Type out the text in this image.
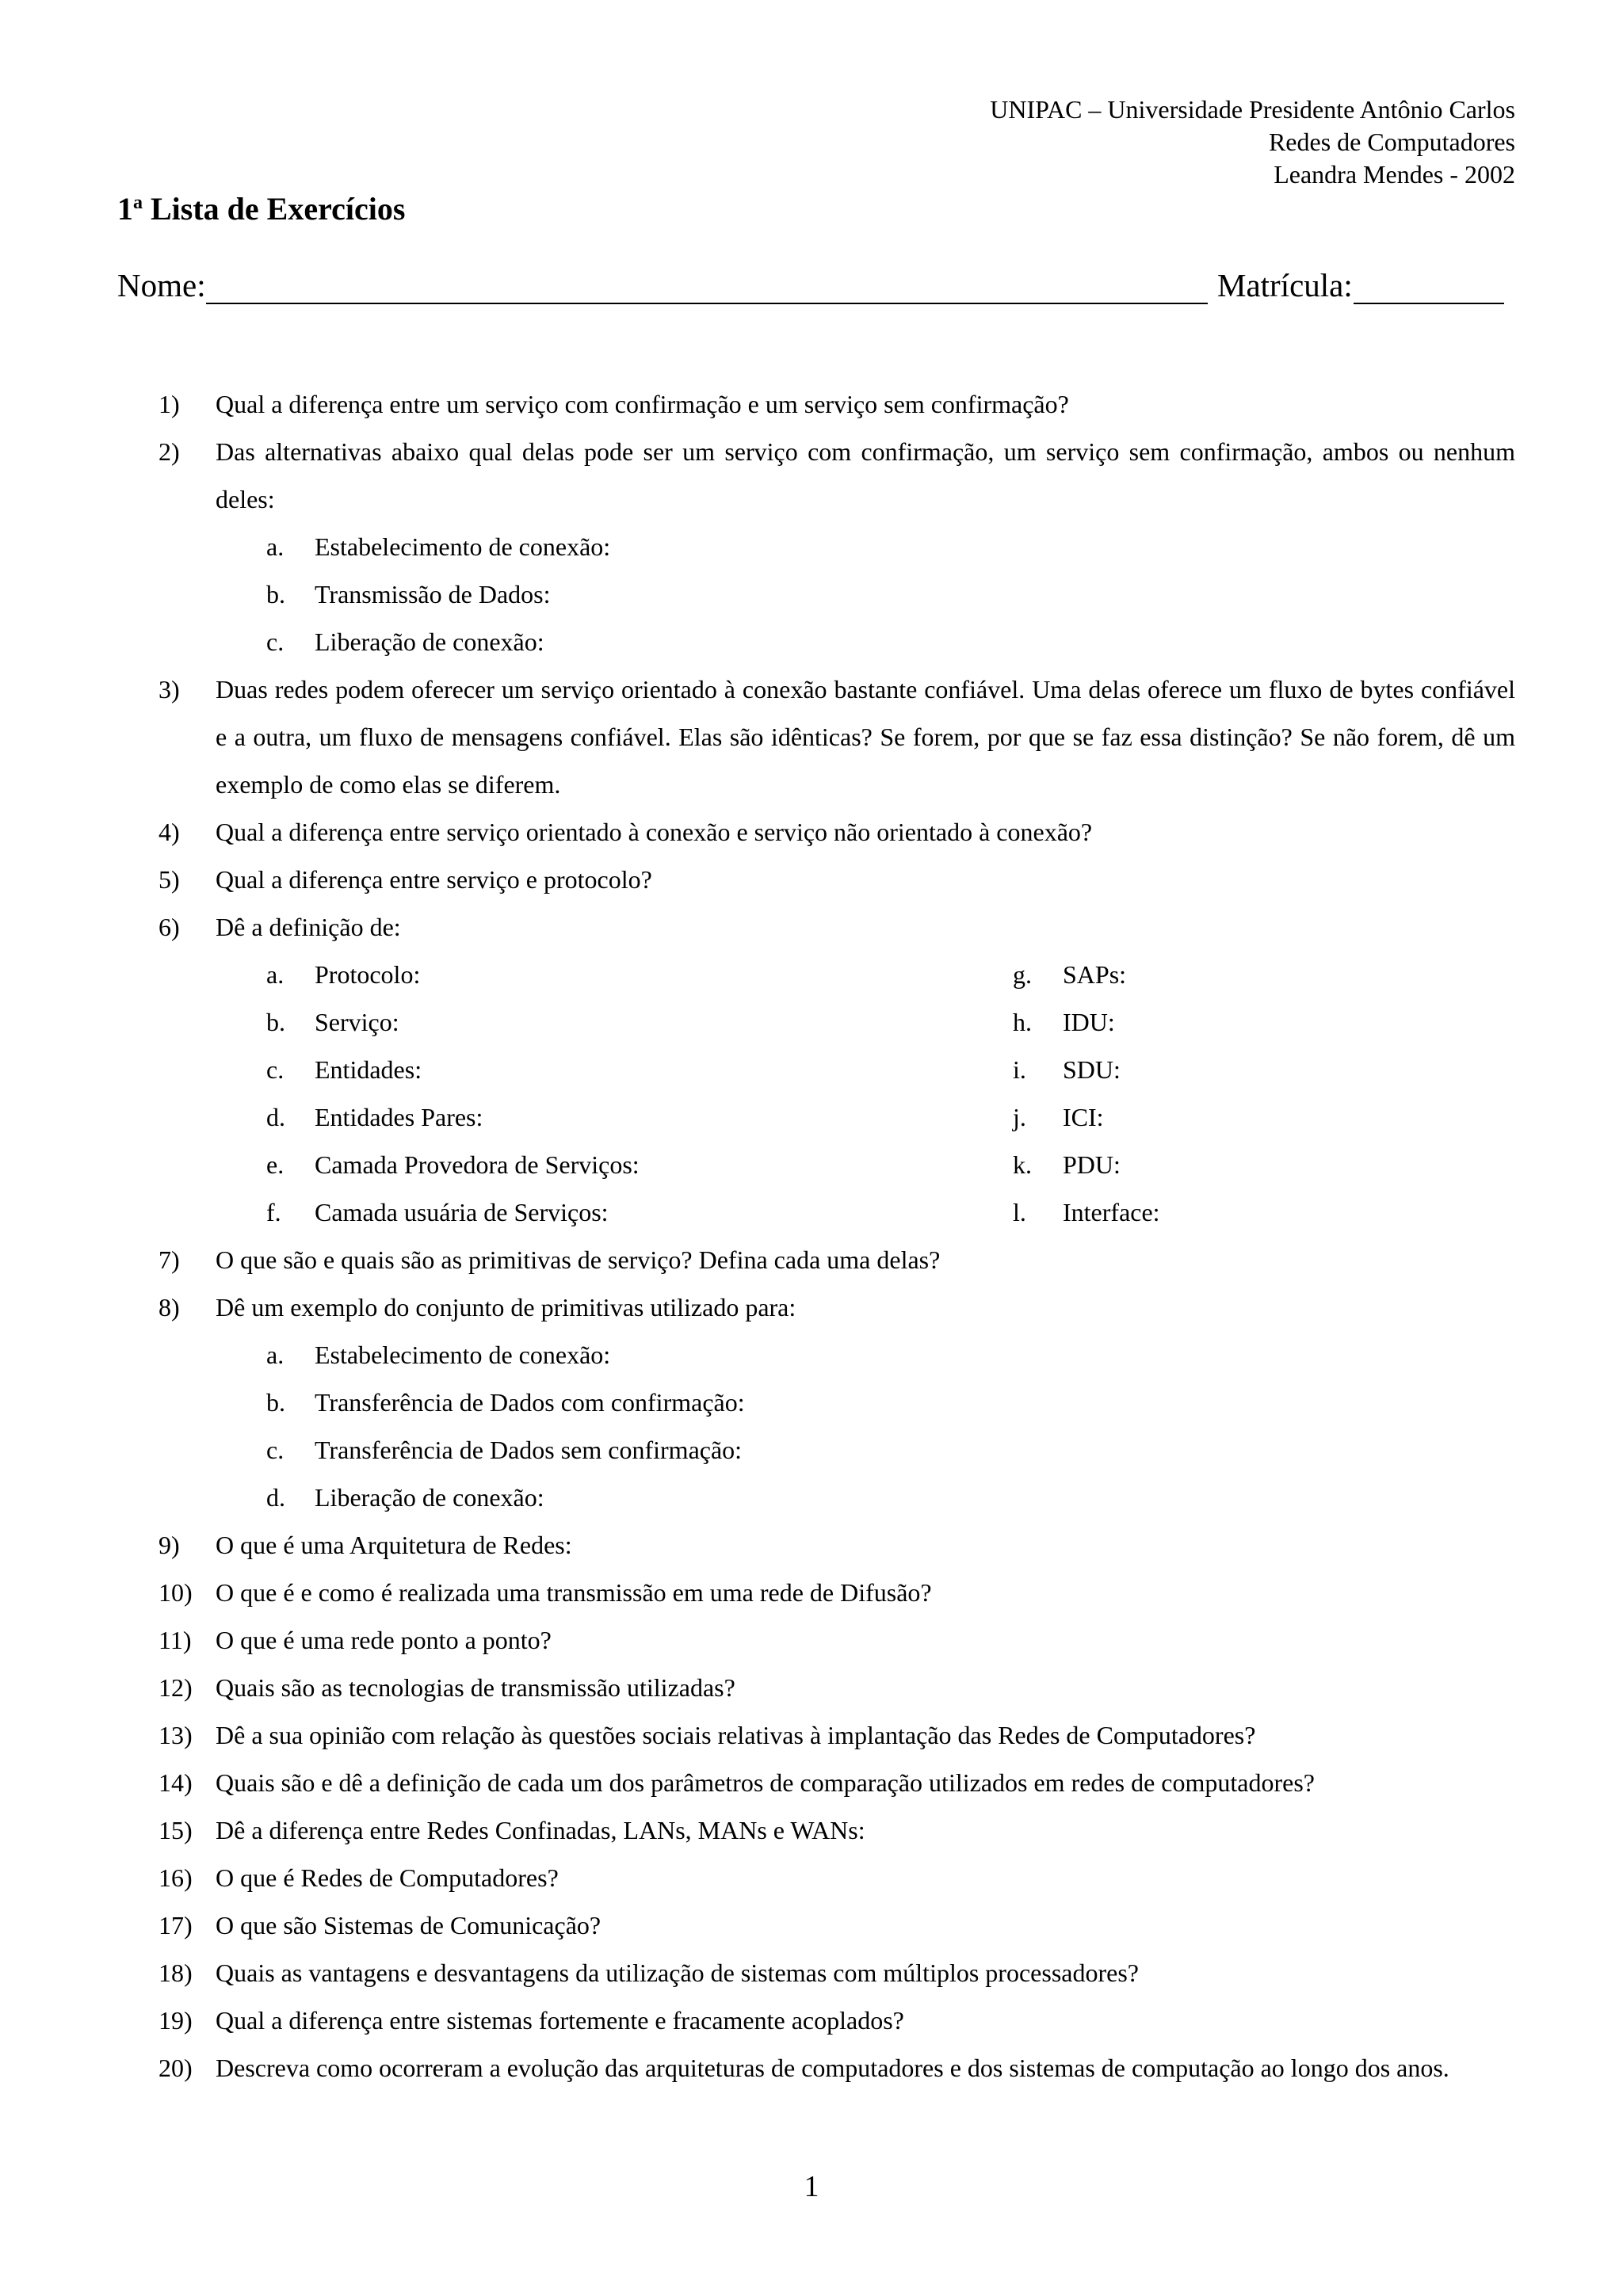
UNIPAC – Universidade Presidente Antônio Carlos
Redes de Computadores
Leandra Mendes - 2002
1$^a$ Lista de Exercícios
Nome:	Matrícula:
1)	Qual a diferença entre um serviço com confirmação e um serviço sem confirmação?
2)	Das alternativas abaixo qual delas pode ser um serviço com confirmação, um serviço sem confirmação, ambos ou nenhum deles:
a. Estabelecimento de conexão:
b. Transmissão de Dados:
c. Liberação de conexão:
3)	Duas redes podem oferecer um serviço orientado à conexão bastante confiável. Uma delas oferece um fluxo de bytes confiável e a outra, um fluxo de mensagens confiável. Elas são idênticas? Se forem, por que se faz essa distinção? Se não forem, dê um exemplo de como elas se diferem.
4)	Qual a diferença entre serviço orientado à conexão e serviço não orientado à conexão?
5)	Qual a diferença entre serviço e protocolo?
6)	Dê a definição de:
a. Protocolo:	g. SAPs:
b. Serviço:	h. IDU:
c. Entidades:	i. SDU:
d. Entidades Pares:	j. ICI:
e. Camada Provedora de Serviços:	k. PDU:
f. Camada usuária de Serviços:	l. Interface:
7)	O que são e quais são as primitivas de serviço? Defina cada uma delas?
8)	Dê um exemplo do conjunto de primitivas utilizado para:
a. Estabelecimento de conexão:
b. Transferência de Dados com confirmação:
c. Transferência de Dados sem confirmação:
d. Liberação de conexão:
9)	O que é uma Arquitetura de Redes:
10) O que é e como é realizada uma transmissão em uma rede de Difusão?
11) O que é uma rede ponto a ponto?
12) Quais são as tecnologias de transmissão utilizadas?
13) Dê a sua opinião com relação às questões sociais relativas à implantação das Redes de Computadores?
14) Quais são e dê a definição de cada um dos parâmetros de comparação utilizados em redes de computadores?
15) Dê a diferença entre Redes Confinadas, LANs, MANs e WANs:
16) O que é Redes de Computadores?
17) O que são Sistemas de Comunicação?
18) Quais as vantagens e desvantagens da utilização de sistemas com múltiplos processadores?
19) Qual a diferença entre sistemas fortemente e fracamente acoplados?
20) Descreva como ocorreram a evolução das arquiteturas de computadores e dos sistemas de computação ao longo dos anos.
1
